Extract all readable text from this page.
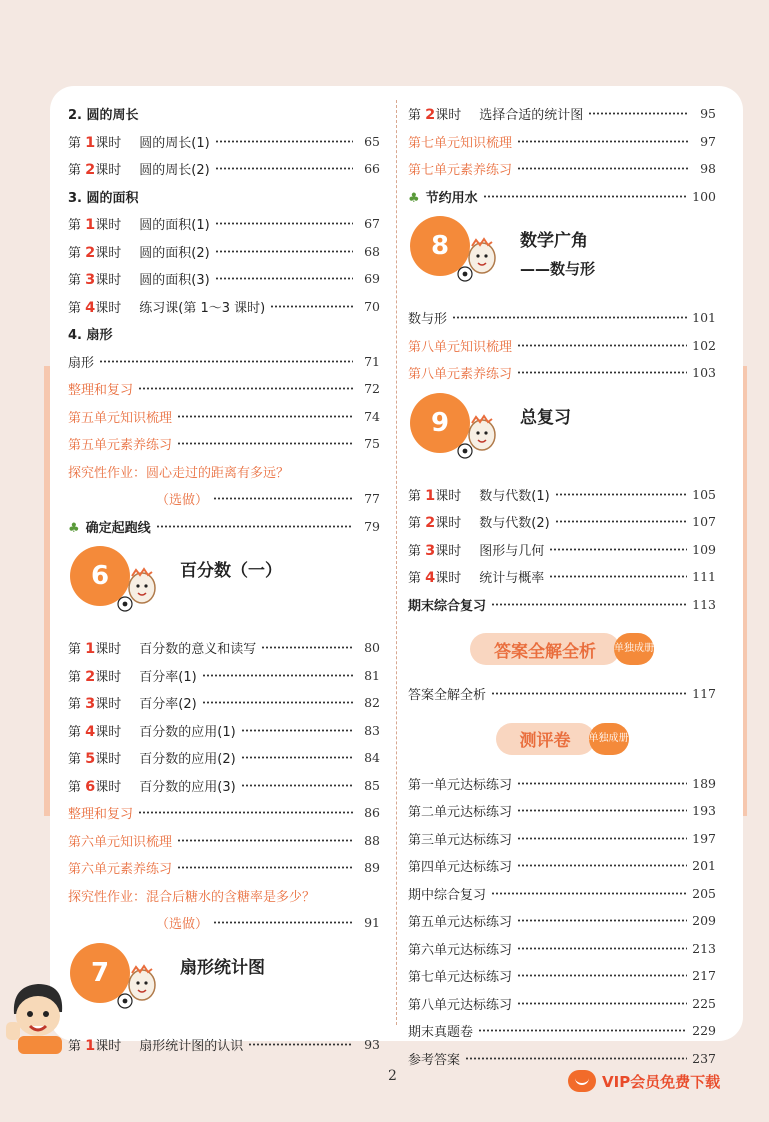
2. 圆的周长
第 1课时 圆的周长(1)	65
第 2课时 圆的周长(2)	66
3. 圆的面积
第 1课时 圆的面积(1)	67
第 2课时 圆的面积(2)	68
第 3课时 圆的面积(3)	69
第 4课时 练习课(第 1～3 课时)	70
4. 扇形
扇形	71
整理和复习	72
第五单元知识梳理	74
第五单元素养练习	75
探究性作业：圆心走过的距离有多远？
（选做）	77
♣ 确定起跑线	79
6	百分数（一）
第 1课时 百分数的意义和读写	80
第 2课时 百分率(1)	81
第 3课时 百分率(2)	82
第 4课时 百分数的应用(1)	83
第 5课时 百分数的应用(2)	84
第 6课时 百分数的应用(3)	85
整理和复习	86
第六单元知识梳理	88
第六单元素养练习	89
探究性作业：混合后糖水的含糖率是多少？
（选做）	91
7	扇形统计图
第 1课时 扇形统计图的认识	93
第 2课时 选择合适的统计图	95
第七单元知识梳理	97
第七单元素养练习	98
♣ 节约用水	100
8	数学广角
——数与形
数与形	101
第八单元知识梳理	102
第八单元素养练习	103
9	总复习
第 1课时 数与代数(1)	105
第 2课时 数与代数(2)	107
第 3课时 图形与几何	109
第 4课时 统计与概率	111
期末综合复习	113
答案全解全析	单独成册
答案全解全析	117
测评卷	单独成册
第一单元达标练习	189
第二单元达标练习	193
第三单元达标练习	197
第四单元达标练习	201
期中综合复习	205
第五单元达标练习	209
第六单元达标练习	213
第七单元达标练习	217
第八单元达标练习	225
期末真题卷	229
参考答案	237
2	VIP会员免费下载
